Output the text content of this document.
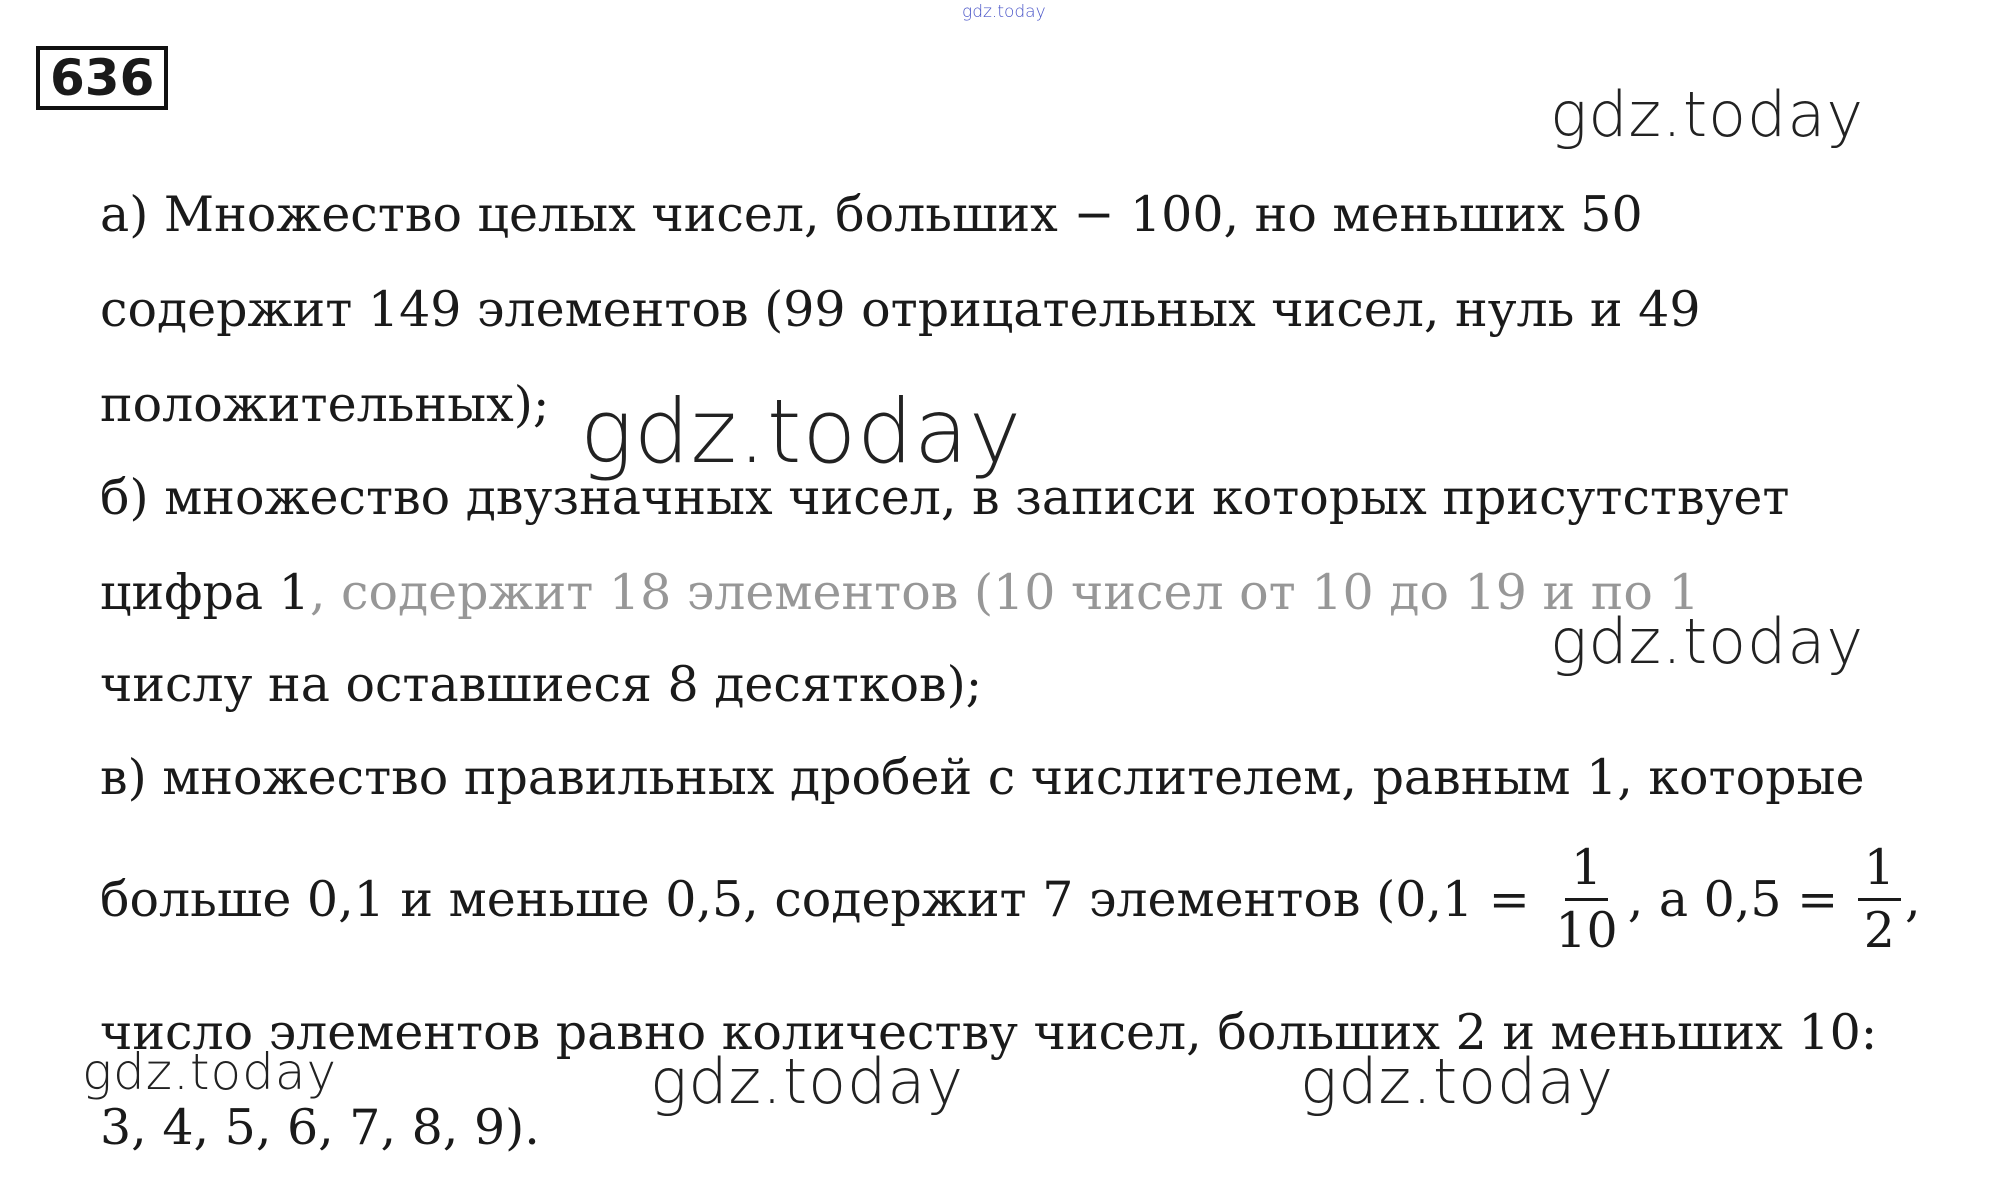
gdz.today
636	gdz.today
а) Множество целых чисел, больших − 100, но меньших 50
содержит 149 элементов (99 отрицательных чисел, нуль и 49
положительных); gdz.today
б) множество двузначных чисел, в записи которых присутствует
цифра 1, содержит 18 элементов (10 чисел от 10 до 19 и по 1
gdz.today
числу на оставшиеся 8 десятков);
в) множество правильных дробей с числителем, равным 1, которые
больше 0,1 и меньше 0,5, содержит 7 элементов ($0,1 = \frac{1}{10}$ , а $0,5 = \frac{1}{2}$ ,
число элементов равно количеству чисел, больших 2 и меньших 10:
gdz.today	gdz.today	gdz.today
3, 4, 5, 6, 7, 8, 9).
